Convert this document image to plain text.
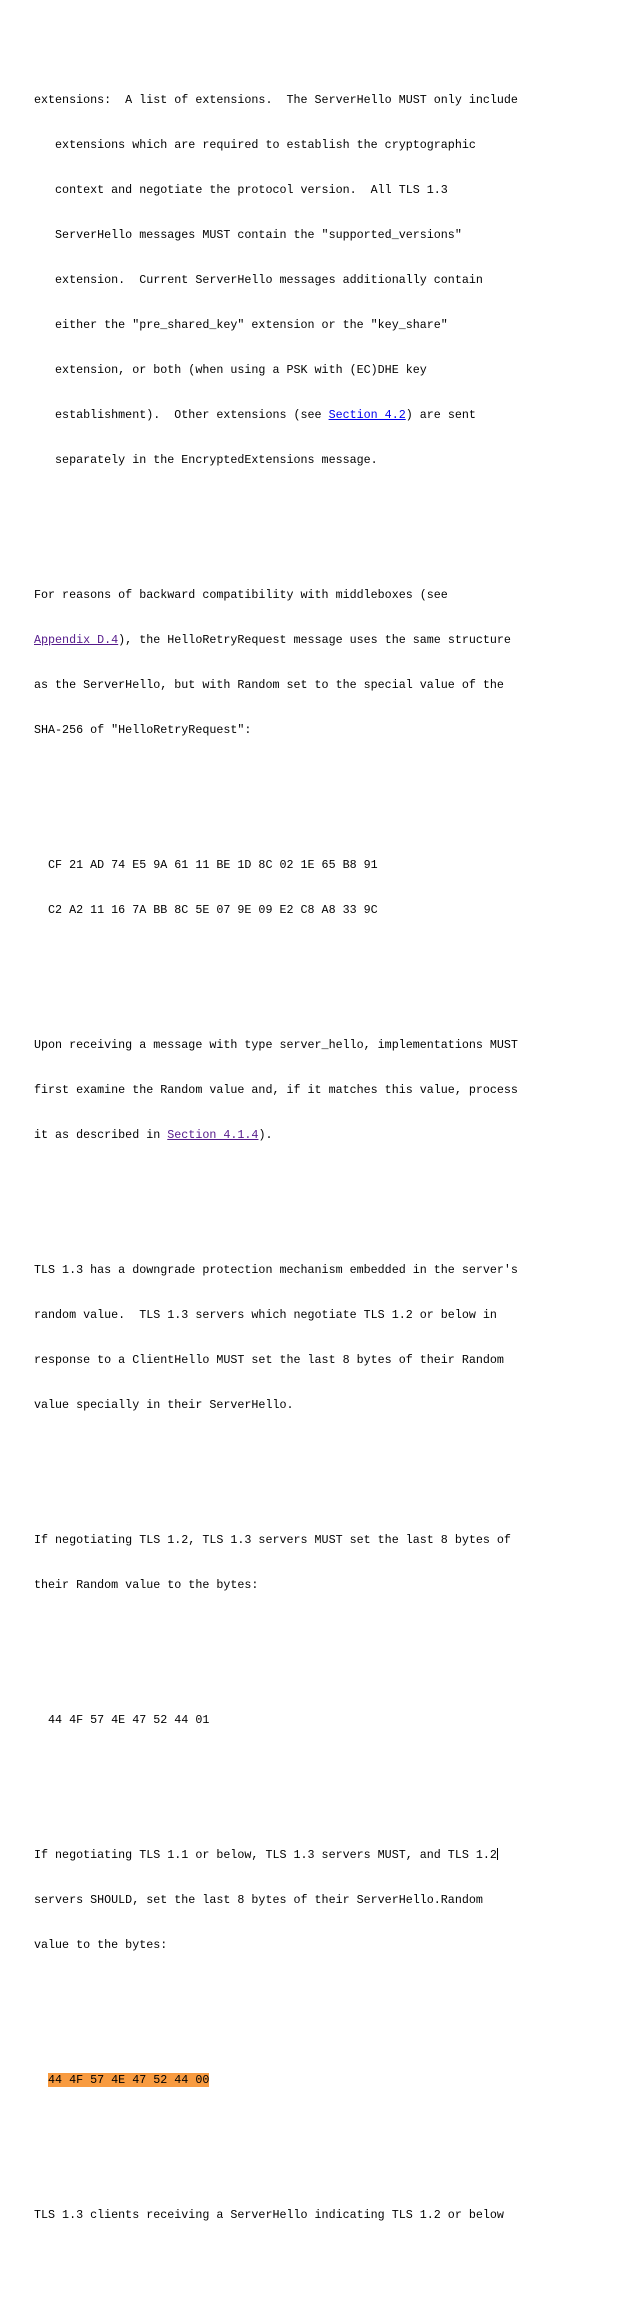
extensions:  A list of extensions.  The ServerHello MUST only include

extensions which are required to establish the cryptographic

context and negotiate the protocol version.  All TLS 1.3

ServerHello messages MUST contain the "supported_versions"

extension.  Current ServerHello messages additionally contain

either the "pre_shared_key" extension or the "key_share"

extension, or both (when using a PSK with (EC)DHE key

establishment).  Other extensions (see Section 4.2) are sent

separately in the EncryptedExtensions message.

For reasons of backward compatibility with middleboxes (see

Appendix D.4), the HelloRetryRequest message uses the same structure

as the ServerHello, but with Random set to the special value of the

SHA-256 of "HelloRetryRequest":

CF 21 AD 74 E5 9A 61 11 BE 1D 8C 02 1E 65 B8 91

C2 A2 11 16 7A BB 8C 5E 07 9E 09 E2 C8 A8 33 9C

Upon receiving a message with type server_hello, implementations MUST

first examine the Random value and, if it matches this value, process

it as described in Section 4.1.4).

TLS 1.3 has a downgrade protection mechanism embedded in the server's

random value.  TLS 1.3 servers which negotiate TLS 1.2 or below in

response to a ClientHello MUST set the last 8 bytes of their Random

value specially in their ServerHello.

If negotiating TLS 1.2, TLS 1.3 servers MUST set the last 8 bytes of

their Random value to the bytes:

44 4F 57 4E 47 52 44 01

If negotiating TLS 1.1 or below, TLS 1.3 servers MUST, and TLS 1.2

servers SHOULD, set the last 8 bytes of their ServerHello.Random

value to the bytes:

44 4F 57 4E 47 52 44 00

TLS 1.3 clients receiving a ServerHello indicating TLS 1.2 or below
